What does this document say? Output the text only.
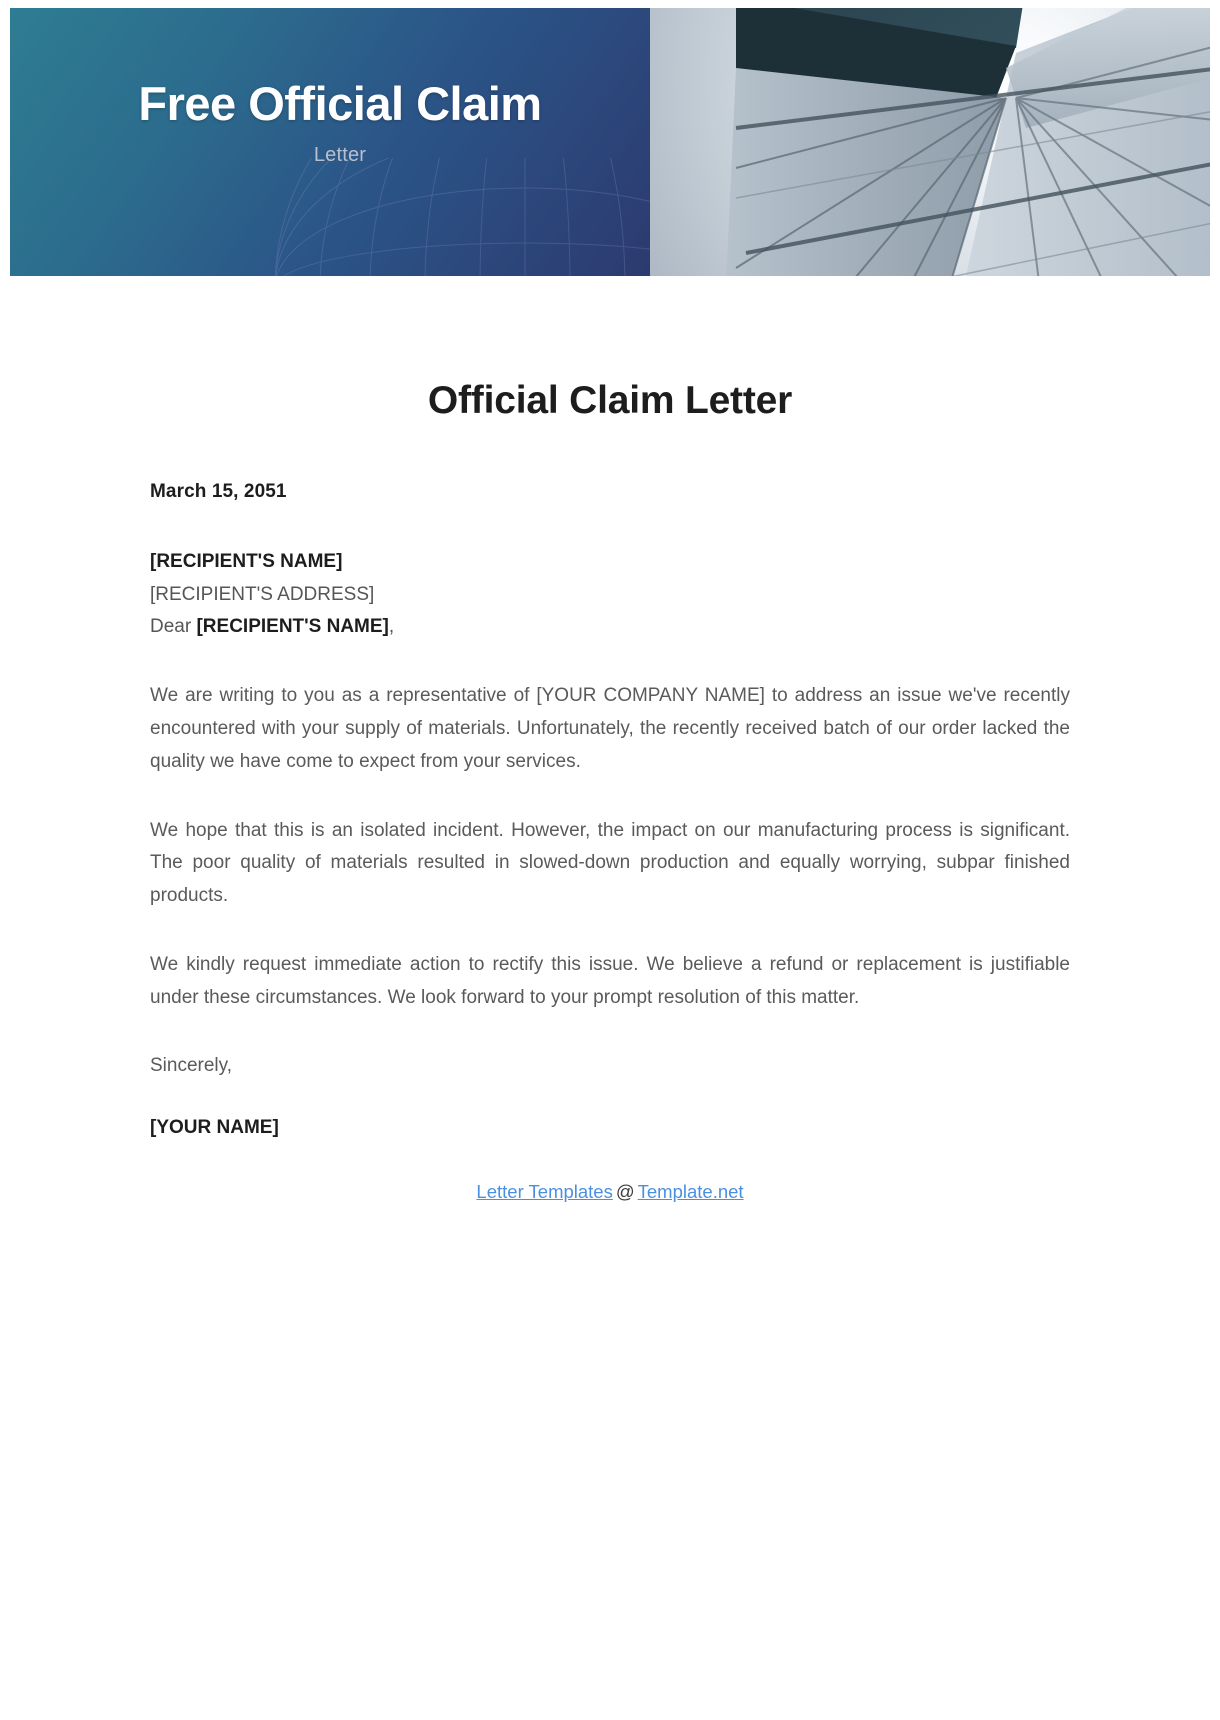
Free Official Claim
Letter
Official Claim Letter
March 15, 2051
[RECIPIENT'S NAME]
[RECIPIENT'S ADDRESS]
Dear [RECIPIENT'S NAME],

We are writing to you as a representative of [YOUR COMPANY NAME] to address an issue we've recently encountered with your supply of materials. Unfortunately, the recently received batch of our order lacked the quality we have come to expect from your services.

We hope that this is an isolated incident. However, the impact on our manufacturing process is significant. The poor quality of materials resulted in slowed-down production and equally worrying, subpar finished products.

We kindly request immediate action to rectify this issue. We believe a refund or replacement is justifiable under these circumstances. We look forward to your prompt resolution of this matter.

Sincerely,
[YOUR NAME]
Letter Templates @ Template.net
